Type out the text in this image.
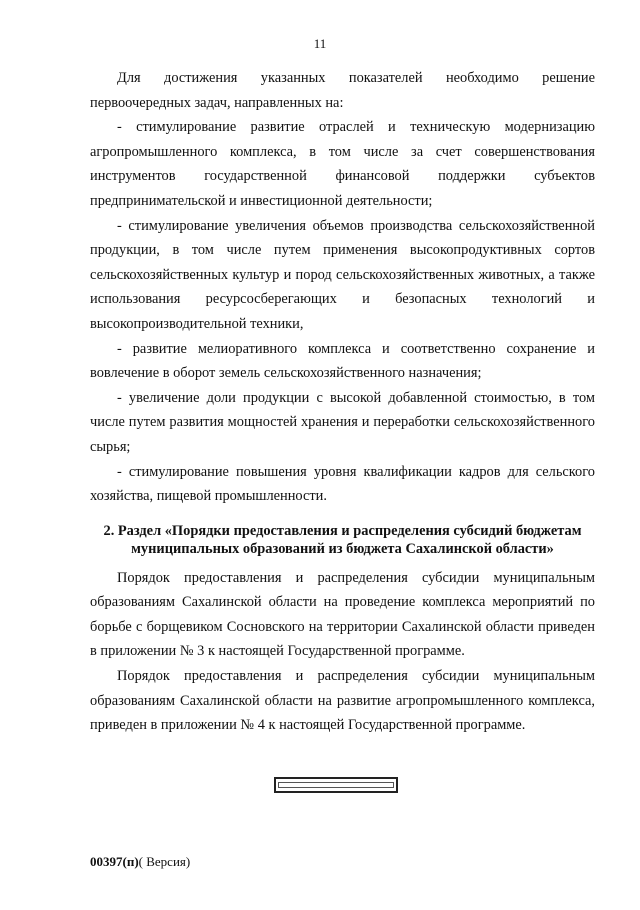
11

Для достижения указанных показателей необходимо решение первоочередных задач, направленных на:

- стимулирование развитие отраслей и техническую модернизацию агропромышленного комплекса, в том числе за счет совершенствования инструментов государственной финансовой поддержки субъектов предпринимательской и инвестиционной деятельности;

- стимулирование увеличения объемов производства сельскохозяйственной продукции, в том числе путем применения высокопродуктивных сортов сельскохозяйственных культур и пород сельскохозяйственных животных, а также использования ресурсосберегающих и безопасных технологий и высокопроизводительной техники,

- развитие мелиоративного комплекса и соответственно сохранение и вовлечение в оборот земель сельскохозяйственного назначения;

- увеличение доли продукции с высокой добавленной стоимостью, в том числе путем развития мощностей хранения и переработки сельскохозяйственного сырья;

- стимулирование повышения уровня квалификации кадров для сельского хозяйства, пищевой промышленности.

2. Раздел «Порядки предоставления и распределения субсидий бюджетам муниципальных образований из бюджета Сахалинской области»

Порядок предоставления и распределения субсидии муниципальным образованиям Сахалинской области на проведение комплекса мероприятий по борьбе с борщевиком Сосновского на территории Сахалинской области приведен в приложении № 3 к настоящей Государственной программе.

Порядок предоставления и распределения субсидии муниципальным образованиям Сахалинской области на развитие агропромышленного комплекса, приведен в приложении № 4 к настоящей Государственной программе.

00397(п)( Версия)
